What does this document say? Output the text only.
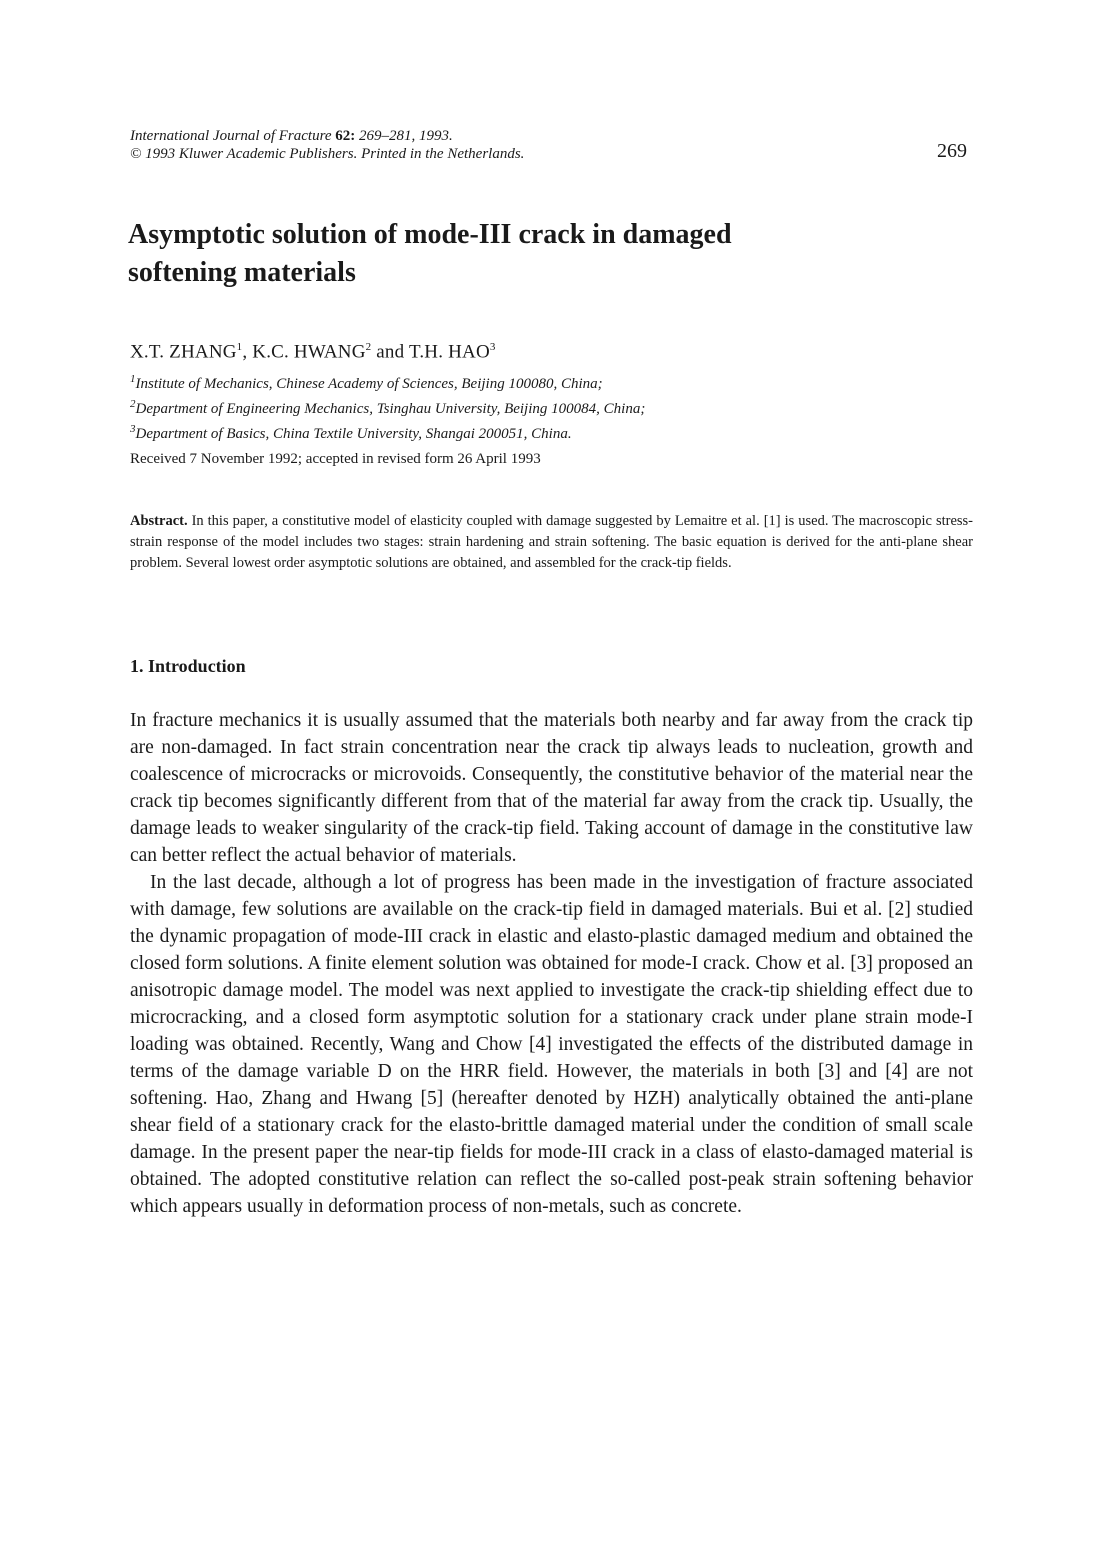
International Journal of Fracture 62: 269–281, 1993.
© 1993 Kluwer Academic Publishers. Printed in the Netherlands.	269
Asymptotic solution of mode-III crack in damaged
softening materials
X.T. ZHANG$^1$, K.C. HWANG$^2$ and T.H. HAO$^3$
$^1$Institute of Mechanics, Chinese Academy of Sciences, Beijing 100080, China;
$^2$Department of Engineering Mechanics, Tsinghau University, Beijing 100084, China;
$^3$Department of Basics, China Textile University, Shangai 200051, China.
Received 7 November 1992; accepted in revised form 26 April 1993

Abstract. In this paper, a constitutive model of elasticity coupled with damage suggested by Lemaitre et al. [1] is used. The macroscopic stress-strain response of the model includes two stages: strain hardening and strain softening. The basic equation is derived for the anti-plane shear problem. Several lowest order asymptotic solutions are obtained, and assembled for the crack-tip fields.

1. Introduction

In fracture mechanics it is usually assumed that the materials both nearby and far away from the crack tip are non-damaged. In fact strain concentration near the crack tip always leads to nucleation, growth and coalescence of microcracks or microvoids. Consequently, the constitutive behavior of the material near the crack tip becomes significantly different from that of the material far away from the crack tip. Usually, the damage leads to weaker singularity of the crack-tip field. Taking account of damage in the constitutive law can better reflect the actual behavior of materials.

In the last decade, although a lot of progress has been made in the investigation of fracture associated with damage, few solutions are available on the crack-tip field in damaged materials. Bui et al. [2] studied the dynamic propagation of mode-III crack in elastic and elasto-plastic damaged medium and obtained the closed form solutions. A finite element solution was obtained for mode-I crack. Chow et al. [3] proposed an anisotropic damage model. The model was next applied to investigate the crack-tip shielding effect due to microcracking, and a closed form asymptotic solution for a stationary crack under plane strain mode-I loading was obtained. Recently, Wang and Chow [4] investigated the effects of the distributed damage in terms of the damage variable D on the HRR field. However, the materials in both [3] and [4] are not softening. Hao, Zhang and Hwang [5] (hereafter denoted by HZH) analytically obtained the anti-plane shear field of a stationary crack for the elasto-brittle damaged material under the condition of small scale damage. In the present paper the near-tip fields for mode-III crack in a class of elasto-damaged material is obtained. The adopted constitutive relation can reflect the so-called post-peak strain softening behavior which appears usually in deformation process of non-metals, such as concrete.
